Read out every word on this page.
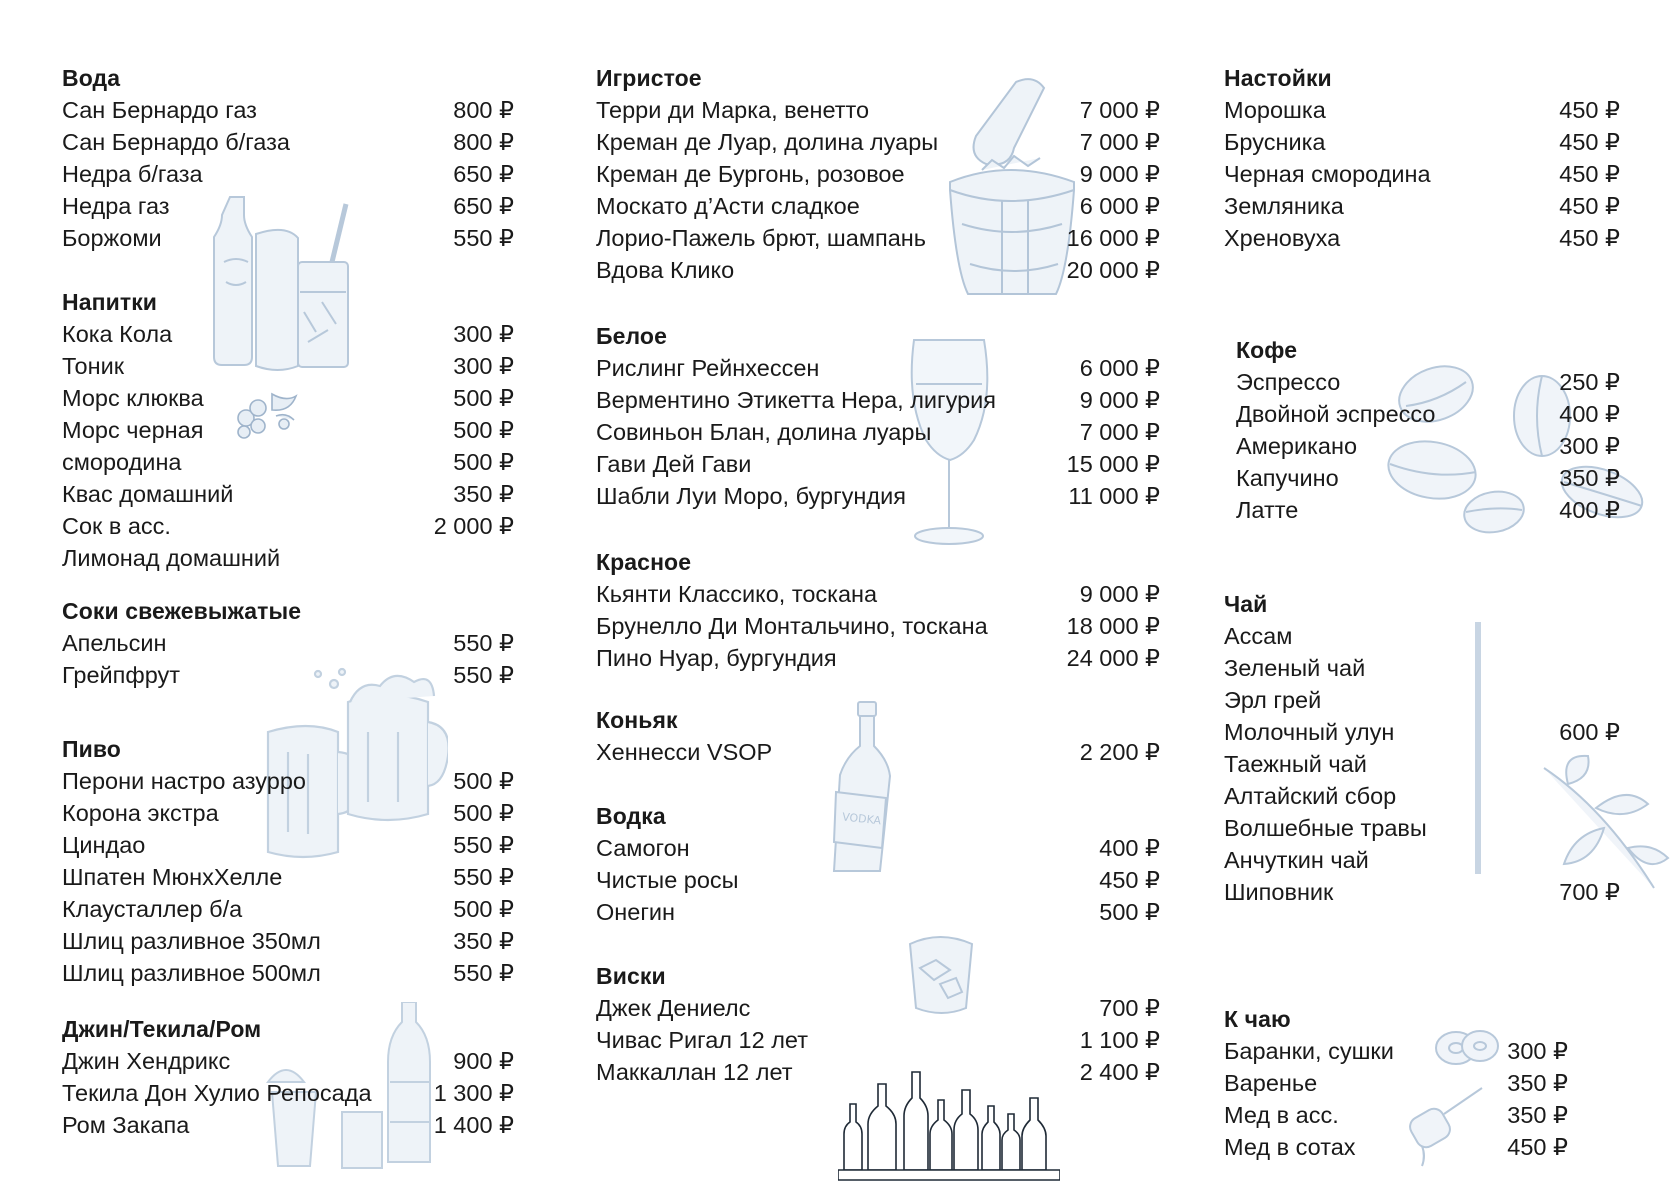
VODKA
Вода
Сан Бернардо газ	800 ₽
Сан Бернардо б/газа	800 ₽
Недра б/газа	650 ₽
Недра газ	650 ₽
Боржоми	550 ₽
Напитки
Кока Кола	300 ₽
Тоник	300 ₽
Морс клюква	500 ₽
Морс черная	500 ₽
смородина	500 ₽
Квас домашний	350 ₽
Сок в асс.	2 000 ₽
Лимонад домашний
Соки свежевыжатые
Апельсин	550 ₽
Грейпфрут	550 ₽
Пиво
Перони настро азурро	500 ₽
Корона экстра	500 ₽
Циндао	550 ₽
Шпатен МюнхХелле	550 ₽
Клаусталлер б/а	500 ₽
Шлиц разливное 350мл	350 ₽
Шлиц разливное 500мл	550 ₽
Джин/Текила/Ром
Джин Хендрикс	900 ₽
Текила Дон Хулио Репосада	1 300 ₽
Ром Закапа	1 400 ₽
Игристое
Терри ди Марка, венетто	7 000 ₽
Креман де Луар, долина луары	7 000 ₽
Креман де Бургонь, розовое	9 000 ₽
Москато д’Асти сладкое	6 000 ₽
Лорио-Пажель брют, шампань	16 000 ₽
Вдова Клико	20 000 ₽
Белое
Рислинг Рейнхессен	6 000 ₽
Верментино Этикетта Нера, лигурия	9 000 ₽
Совиньон Блан, долина луары	7 000 ₽
Гави Дей Гави	15 000 ₽
Шабли Луи Моро, бургундия	11 000 ₽
Красное
Кьянти Классико, тоскана	9 000 ₽
Брунелло Ди Монтальчино, тоскана	18 000 ₽
Пино Нуар, бургундия	24 000 ₽
Коньяк
Хеннесси VSOP	2 200 ₽
Водка
Самогон	400 ₽
Чистые росы	450 ₽
Онегин	500 ₽
Виски
Джек Дениелс	700 ₽
Чивас Ригал 12 лет	1 100 ₽
Маккаллан 12 лет	2 400 ₽
Настойки
Морошка	450 ₽
Брусника	450 ₽
Черная смородина	450 ₽
Земляника	450 ₽
Хреновуха	450 ₽
Кофе
Эспрессо	250 ₽
Двойной эспрессо	400 ₽
Американо	300 ₽
Капучино	350 ₽
Латте	400 ₽
Чай
Ассам
Зеленый чай
Эрл грей
Молочный улун	600 ₽
Таежный чай
Алтайский сбор
Волшебные травы
Анчуткин чай
Шиповник	700 ₽
К чаю
Баранки, сушки	300 ₽
Варенье	350 ₽
Мед в асс.	350 ₽
Мед в сотах	450 ₽
